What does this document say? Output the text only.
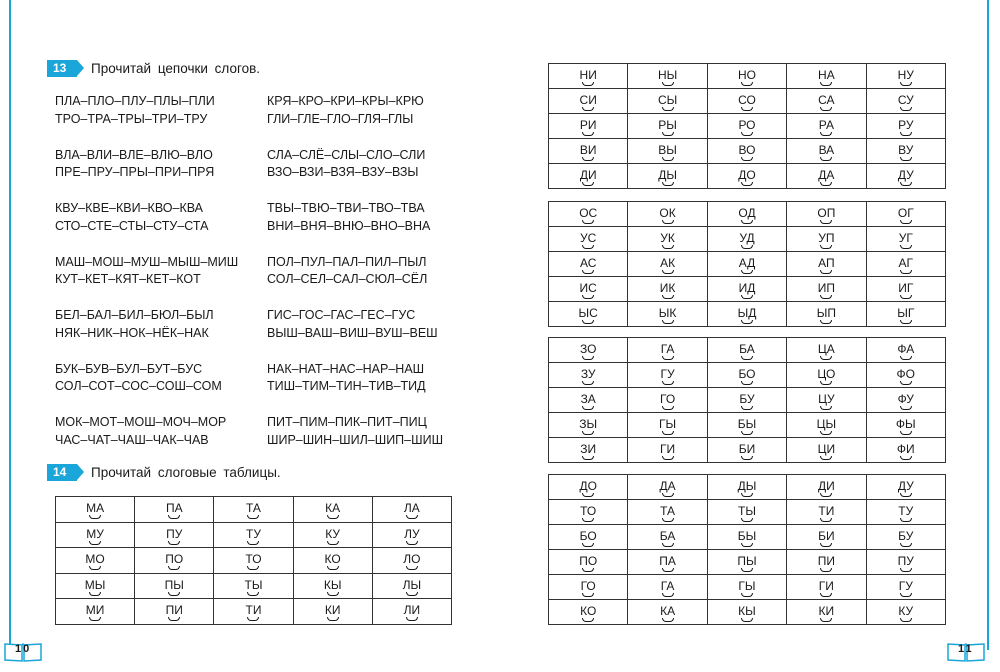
13	Прочитай цепочки слогов.
ПЛА–ПЛО–ПЛУ–ПЛЫ–ПЛИ
ТРО–ТРА–ТРЫ–ТРИ–ТРУ
КРЯ–КРО–КРИ–КРЫ–КРЮ
ГЛИ–ГЛЕ–ГЛО–ГЛЯ–ГЛЫ
ВЛА–ВЛИ–ВЛЕ–ВЛЮ–ВЛО
ПРЕ–ПРУ–ПРЫ–ПРИ–ПРЯ
СЛА–СЛЁ–СЛЫ–СЛО–СЛИ
ВЗО–ВЗИ–ВЗЯ–ВЗУ–ВЗЫ
КВУ–КВЕ–КВИ–КВО–КВА
СТО–СТЕ–СТЫ–СТУ–СТА
ТВЫ–ТВЮ–ТВИ–ТВО–ТВА
ВНИ–ВНЯ–ВНЮ–ВНО–ВНА
МАШ–МОШ–МУШ–МЫШ–МИШ
КУТ–КЕТ–КЯТ–КЕТ–КОТ
ПОЛ–ПУЛ–ПАЛ–ПИЛ–ПЫЛ
СОЛ–СЕЛ–САЛ–СЮЛ–СЁЛ
БЕЛ–БАЛ–БИЛ–БЮЛ–БЫЛ
НЯК–НИК–НОК–НЁК–НАК
ГИС–ГОС–ГАС–ГЕС–ГУС
ВЫШ–ВАШ–ВИШ–ВУШ–ВЕШ
БУК–БУВ–БУЛ–БУТ–БУС
СОЛ–СОТ–СОС–СОШ–СОМ
НАК–НАТ–НАС–НАР–НАШ
ТИШ–ТИМ–ТИН–ТИВ–ТИД
МОК–МОТ–МОШ–МОЧ–МОР
ЧАС–ЧАТ–ЧАШ–ЧАК–ЧАВ
ПИТ–ПИМ–ПИК–ПИТ–ПИЦ
ШИР–ШИН–ШИЛ–ШИП–ШИШ
14	Прочитай слоговые таблицы.
МА	ПА	ТА	КА	ЛА
МУ	ПУ	ТУ	КУ	ЛУ
МО	ПО	ТО	КО	ЛО
МЫ	ПЫ	ТЫ	КЫ	ЛЫ
МИ	ПИ	ТИ	КИ	ЛИ
НИ	НЫ	НО	НА	НУ
СИ	СЫ	СО	СА	СУ
РИ	РЫ	РО	РА	РУ
ВИ	ВЫ	ВО	ВА	ВУ
ДИ	ДЫ	ДО	ДА	ДУ
ОС	ОК	ОД	ОП	ОГ
УС	УК	УД	УП	УГ
АС	АК	АД	АП	АГ
ИС	ИК	ИД	ИП	ИГ
ЫС	ЫК	ЫД	ЫП	ЫГ
ЗО	ГА	БА	ЦА	ФА
ЗУ	ГУ	БО	ЦО	ФО
ЗА	ГО	БУ	ЦУ	ФУ
ЗЫ	ГЫ	БЫ	ЦЫ	ФЫ
ЗИ	ГИ	БИ	ЦИ	ФИ
ДО	ДА	ДЫ	ДИ	ДУ
ТО	ТА	ТЫ	ТИ	ТУ
БО	БА	БЫ	БИ	БУ
ПО	ПА	ПЫ	ПИ	ПУ
ГО	ГА	ГЫ	ГИ	ГУ
КО	КА	КЫ	КИ	КУ
10	11
